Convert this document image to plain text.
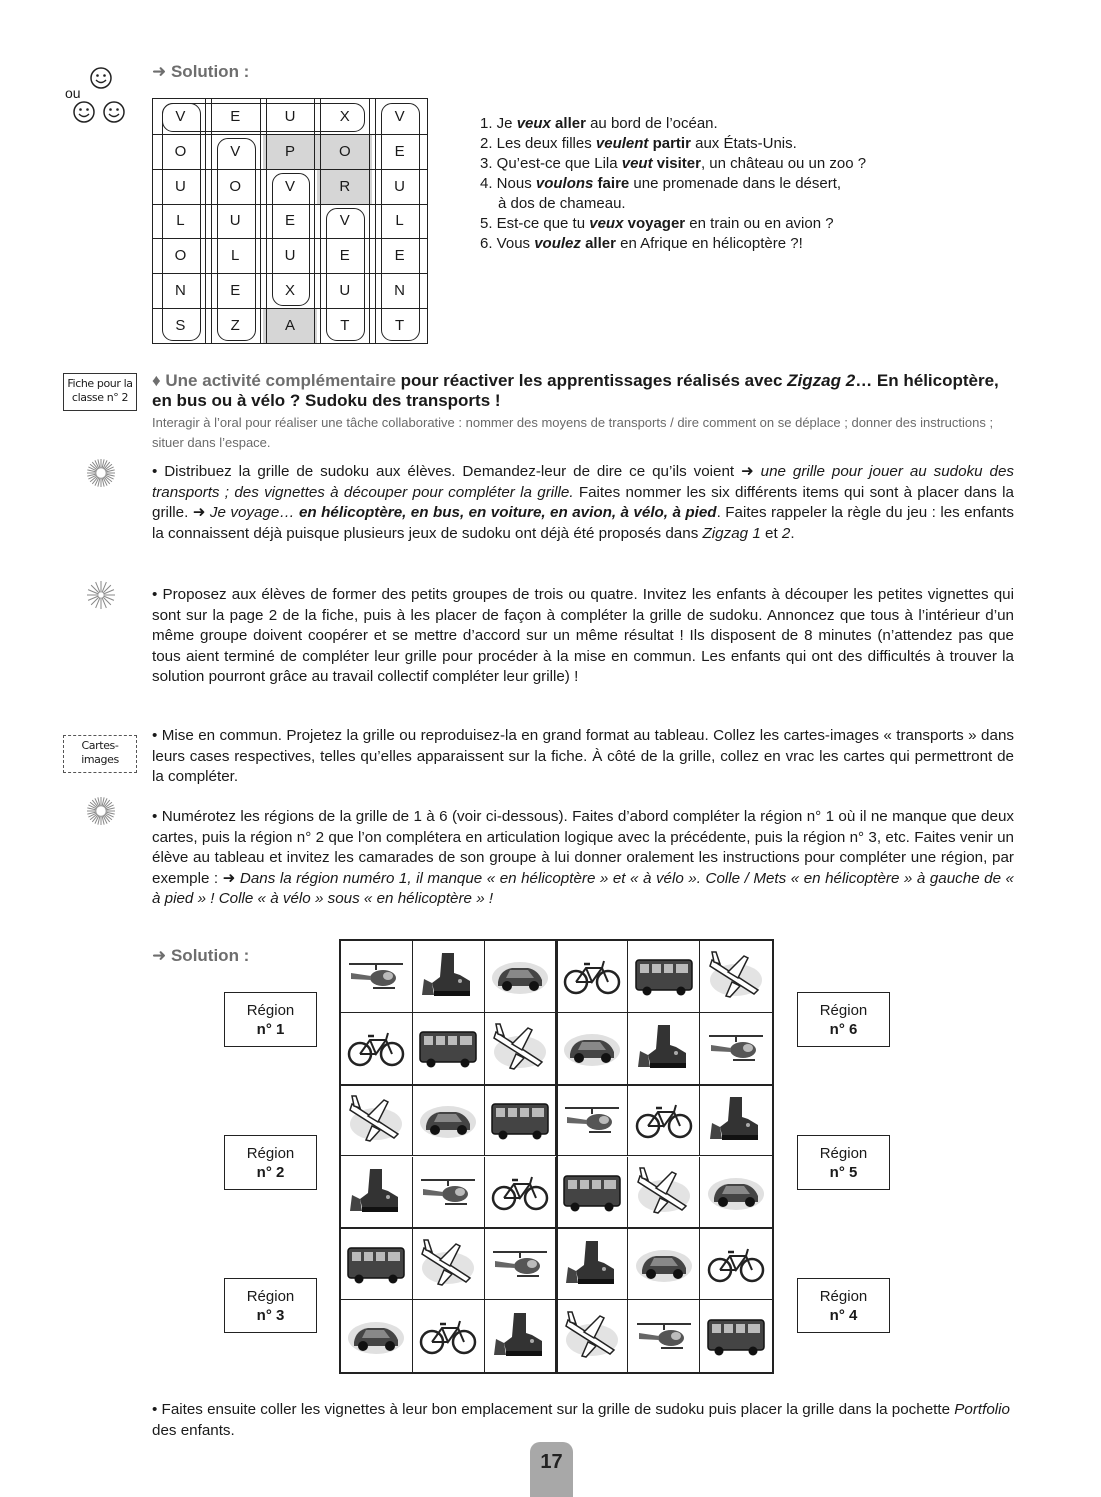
ou
➜ Solution :
V	E	U	X	V
O	V	P	O	E
U	O	V	R	U
L	U	E	V	L
O	L	U	E	E
N	E	X	U	N
S	Z	A	T	T
1. Je veux aller au bord de l’océan.
2. Les deux filles veulent partir aux États-Unis.
3. Qu’est-ce que Lila veut visiter, un château ou un zoo ?
4. Nous voulons faire une promenade dans le désert,
à dos de chameau.
5. Est-ce que tu veux voyager en train ou en avion ?
6. Vous voulez aller en Afrique en hélicoptère ?!
Fiche pour la
classe n° 2
♦ Une activité complémentaire pour réactiver les apprentissages réalisés avec Zigzag 2… En hélicoptère, en bus ou à vélo ? Sudoku des transports !
Interagir à l’oral pour réaliser une tâche collaborative : nommer des moyens de transports / dire comment on se déplace ; donner des instructions ; situer dans l’espace.
• Distribuez la grille de sudoku aux élèves. Demandez-leur de dire ce qu’ils voient ➜ une grille pour jouer au sudoku des transports ; des vignettes à découper pour compléter la grille. Faites nommer les six différents items qui sont à placer dans la grille. ➜ Je voyage… en hélicoptère, en bus, en voiture, en avion, à vélo, à pied. Faites rappeler la règle du jeu : les enfants la connaissent déjà puisque plusieurs jeux de sudoku ont déjà été proposés dans Zigzag 1 et 2.
• Proposez aux élèves de former des petits groupes de trois ou quatre. Invitez les enfants à découper les petites vignettes qui sont sur la page 2 de la fiche, puis à les placer de façon à compléter la grille de sudoku. Annoncez que tous à l’intérieur d’un même groupe doivent coopérer et se mettre d’accord sur un même résultat ! Ils disposent de 8 minutes (n’attendez pas que tous aient terminé de compléter leur grille pour procéder à la mise en commun. Les enfants qui ont des difficultés à trouver la solution pourront grâce au travail collectif compléter leur grille) !
Cartes-
images
• Mise en commun. Projetez la grille ou reproduisez-la en grand format au tableau. Collez les cartes-images « transports » dans leurs cases respectives, telles qu’elles apparaissent sur la fiche. À côté de la grille, collez en vrac les cartes qui permettront de la compléter.
• Numérotez les régions de la grille de 1 à 6 (voir ci-dessous). Faites d’abord compléter la région n° 1 où il ne manque que deux cartes, puis la région n° 2 que l’on complétera en articulation logique avec la précédente, puis la région n° 3, etc. Faites venir un élève au tableau et invitez les camarades de son groupe à lui donner oralement les instructions pour compléter une région, par exemple : ➜ Dans la région numéro 1, il manque « en hélicoptère » et « à vélo ». Colle / Mets « en hélicoptère » à gauche de « à pied » ! Colle « à vélo » sous « en hélicoptère » !
➜ Solution :
Région
n° 1
Région
n° 2
Région
n° 3
Région
n° 6
Région
n° 5
Région
n° 4
• Faites ensuite coller les vignettes à leur bon emplacement sur la grille de sudoku puis placer la grille dans la pochette Portfolio des enfants.
17
